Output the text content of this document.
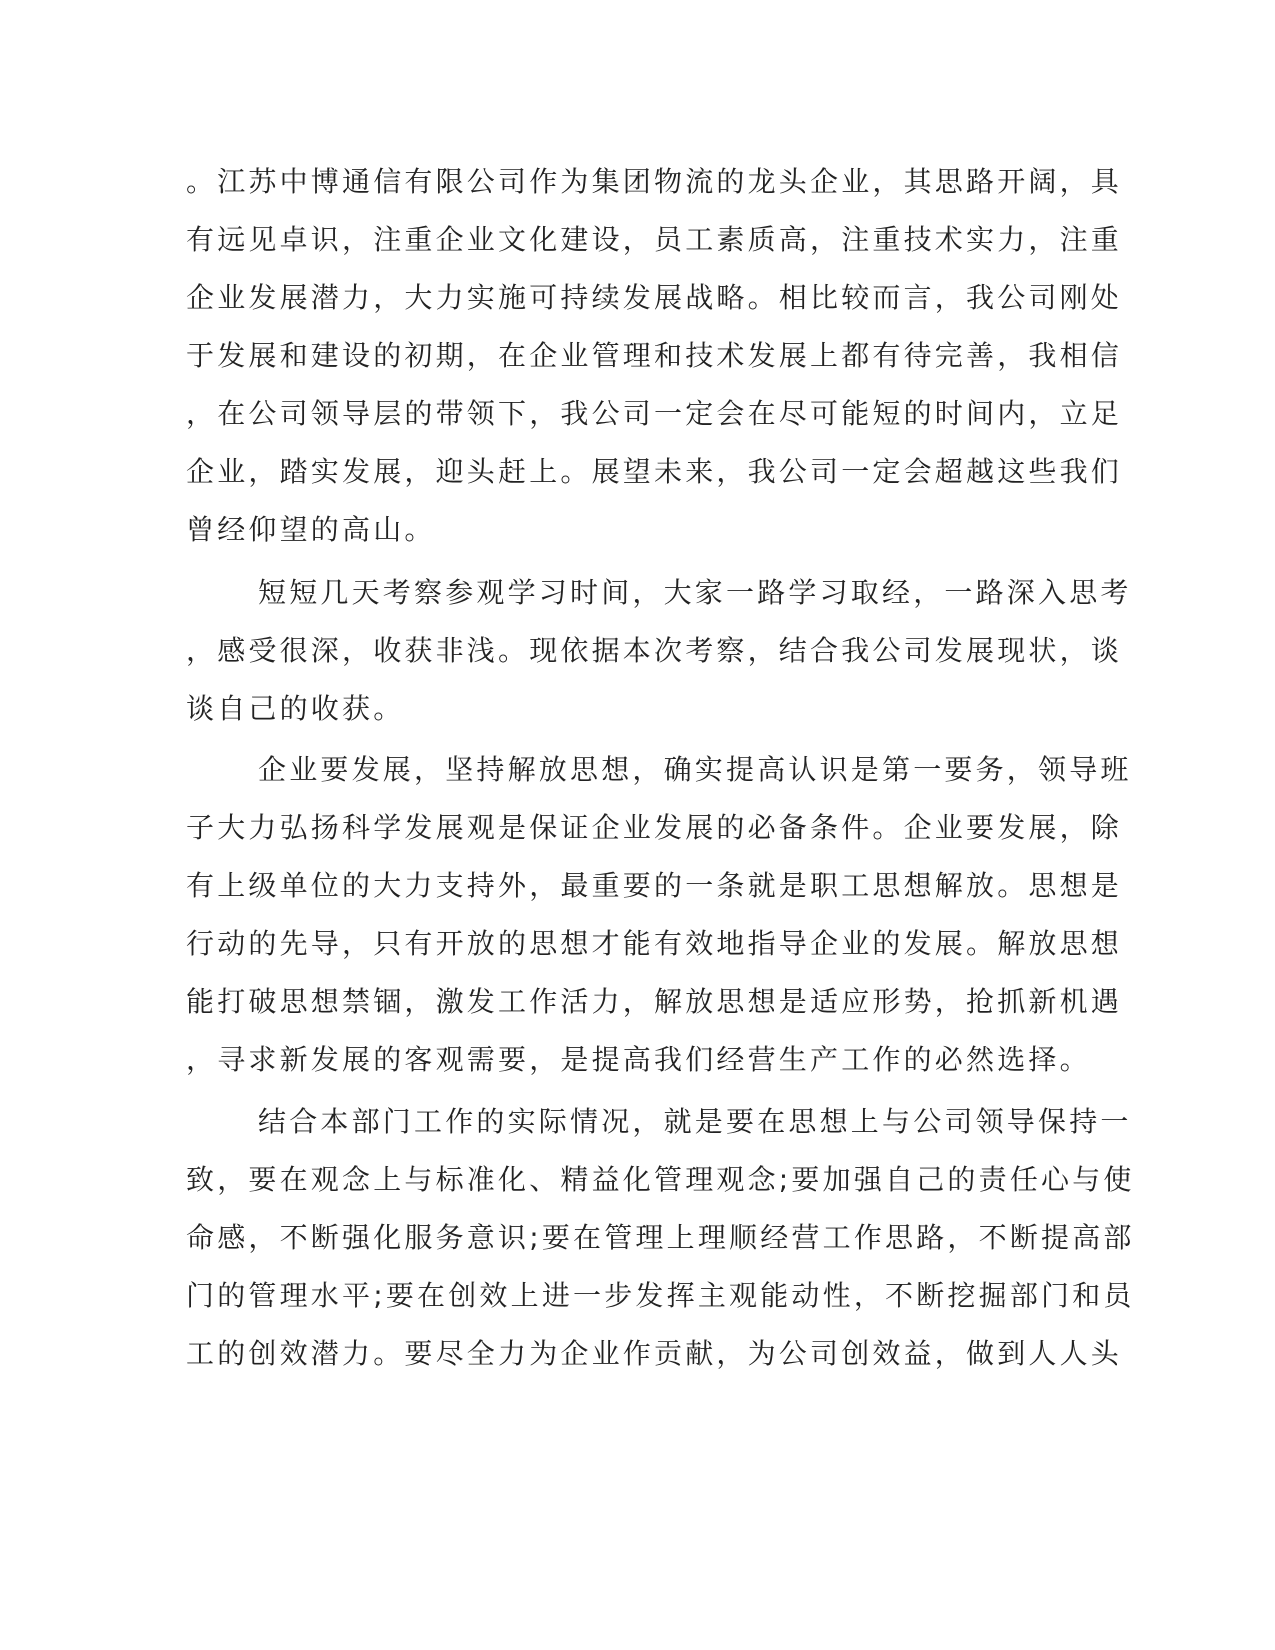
。江苏中博通信有限公司作为集团物流的龙头企业，其思路开阔，具
有远见卓识，注重企业文化建设，员工素质高，注重技术实力，注重
企业发展潜力，大力实施可持续发展战略。相比较而言，我公司刚处
于发展和建设的初期，在企业管理和技术发展上都有待完善，我相信
，在公司领导层的带领下，我公司一定会在尽可能短的时间内，立足
企业，踏实发展，迎头赶上。展望未来，我公司一定会超越这些我们
曾经仰望的高山。
短短几天考察参观学习时间，大家一路学习取经，一路深入思考
，感受很深，收获非浅。现依据本次考察，结合我公司发展现状，谈
谈自己的收获。
企业要发展，坚持解放思想，确实提高认识是第一要务，领导班
子大力弘扬科学发展观是保证企业发展的必备条件。企业要发展，除
有上级单位的大力支持外，最重要的一条就是职工思想解放。思想是
行动的先导，只有开放的思想才能有效地指导企业的发展。解放思想
能打破思想禁锢，激发工作活力，解放思想是适应形势，抢抓新机遇
，寻求新发展的客观需要，是提高我们经营生产工作的必然选择。
结合本部门工作的实际情况，就是要在思想上与公司领导保持一
致，要在观念上与标准化、精益化管理观念;要加强自己的责任心与使
命感，不断强化服务意识;要在管理上理顺经营工作思路，不断提高部
门的管理水平;要在创效上进一步发挥主观能动性，不断挖掘部门和员
工的创效潜力。要尽全力为企业作贡献，为公司创效益，做到人人头
